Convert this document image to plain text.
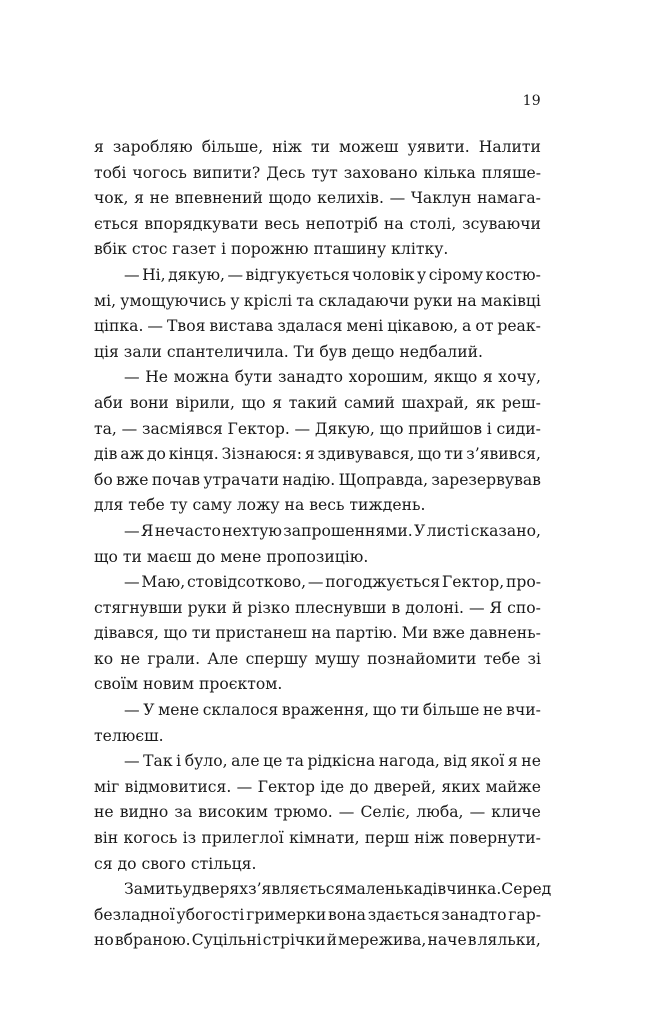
19
я заробляю більше, ніж ти можеш уявити. Налити
тобі чогось випити? Десь тут заховано кілька пляше-
чок, я не впевнений щодо келихів. — Чаклун намага-
ється впорядкувати весь непотріб на столі, зсуваючи
вбік стос газет і порожню пташину клітку.
— Ні, дякую, — відгукується чоловік у сірому костю-
мі, умощуючись у кріслі та складаючи руки на маківці
ціпка. — Твоя вистава здалася мені цікавою, а от реак-
ція зали спантеличила. Ти був дещо недбалий.
— Не можна бути занадто хорошим, якщо я хочу,
аби вони вірили, що я такий самий шахрай, як реш-
та, — засміявся Гектор. — Дякую, що прийшов і сиди-
дів аж до кінця. Зізнаюся: я здивувався, що ти з’явився,
бо вже почав утрачати надію. Щоправда, зарезервував
для тебе ту саму ложу на весь тиждень.
— Я нечасто нехтую запрошеннями. У листі сказано,
що ти маєш до мене пропозицію.
— Маю, стовідсотково, — погоджується Гектор, про-
стягнувши руки й різко плеснувши в долоні. — Я спо-
дівався, що ти пристанеш на партію. Ми вже давнень-
ко не грали. Але спершу мушу познайомити тебе зі
своїм новим проєктом.
— У мене склалося враження, що ти більше не вчи-
телюєш.
— Так і було, але це та рідкісна нагода, від якої я не
міг відмовитися. — Гектор іде до дверей, яких майже
не видно за високим трюмо. — Селіє, люба, — кличе
він когось із прилеглої кімнати, перш ніж повернути-
ся до свого стільця.
За мить у дверях з’являється маленька дівчинка. Серед
безладної убогості гримерки вона здається занадто гар-
но вбраною. Суцільні стрічки й мережива, наче в ляльки,
